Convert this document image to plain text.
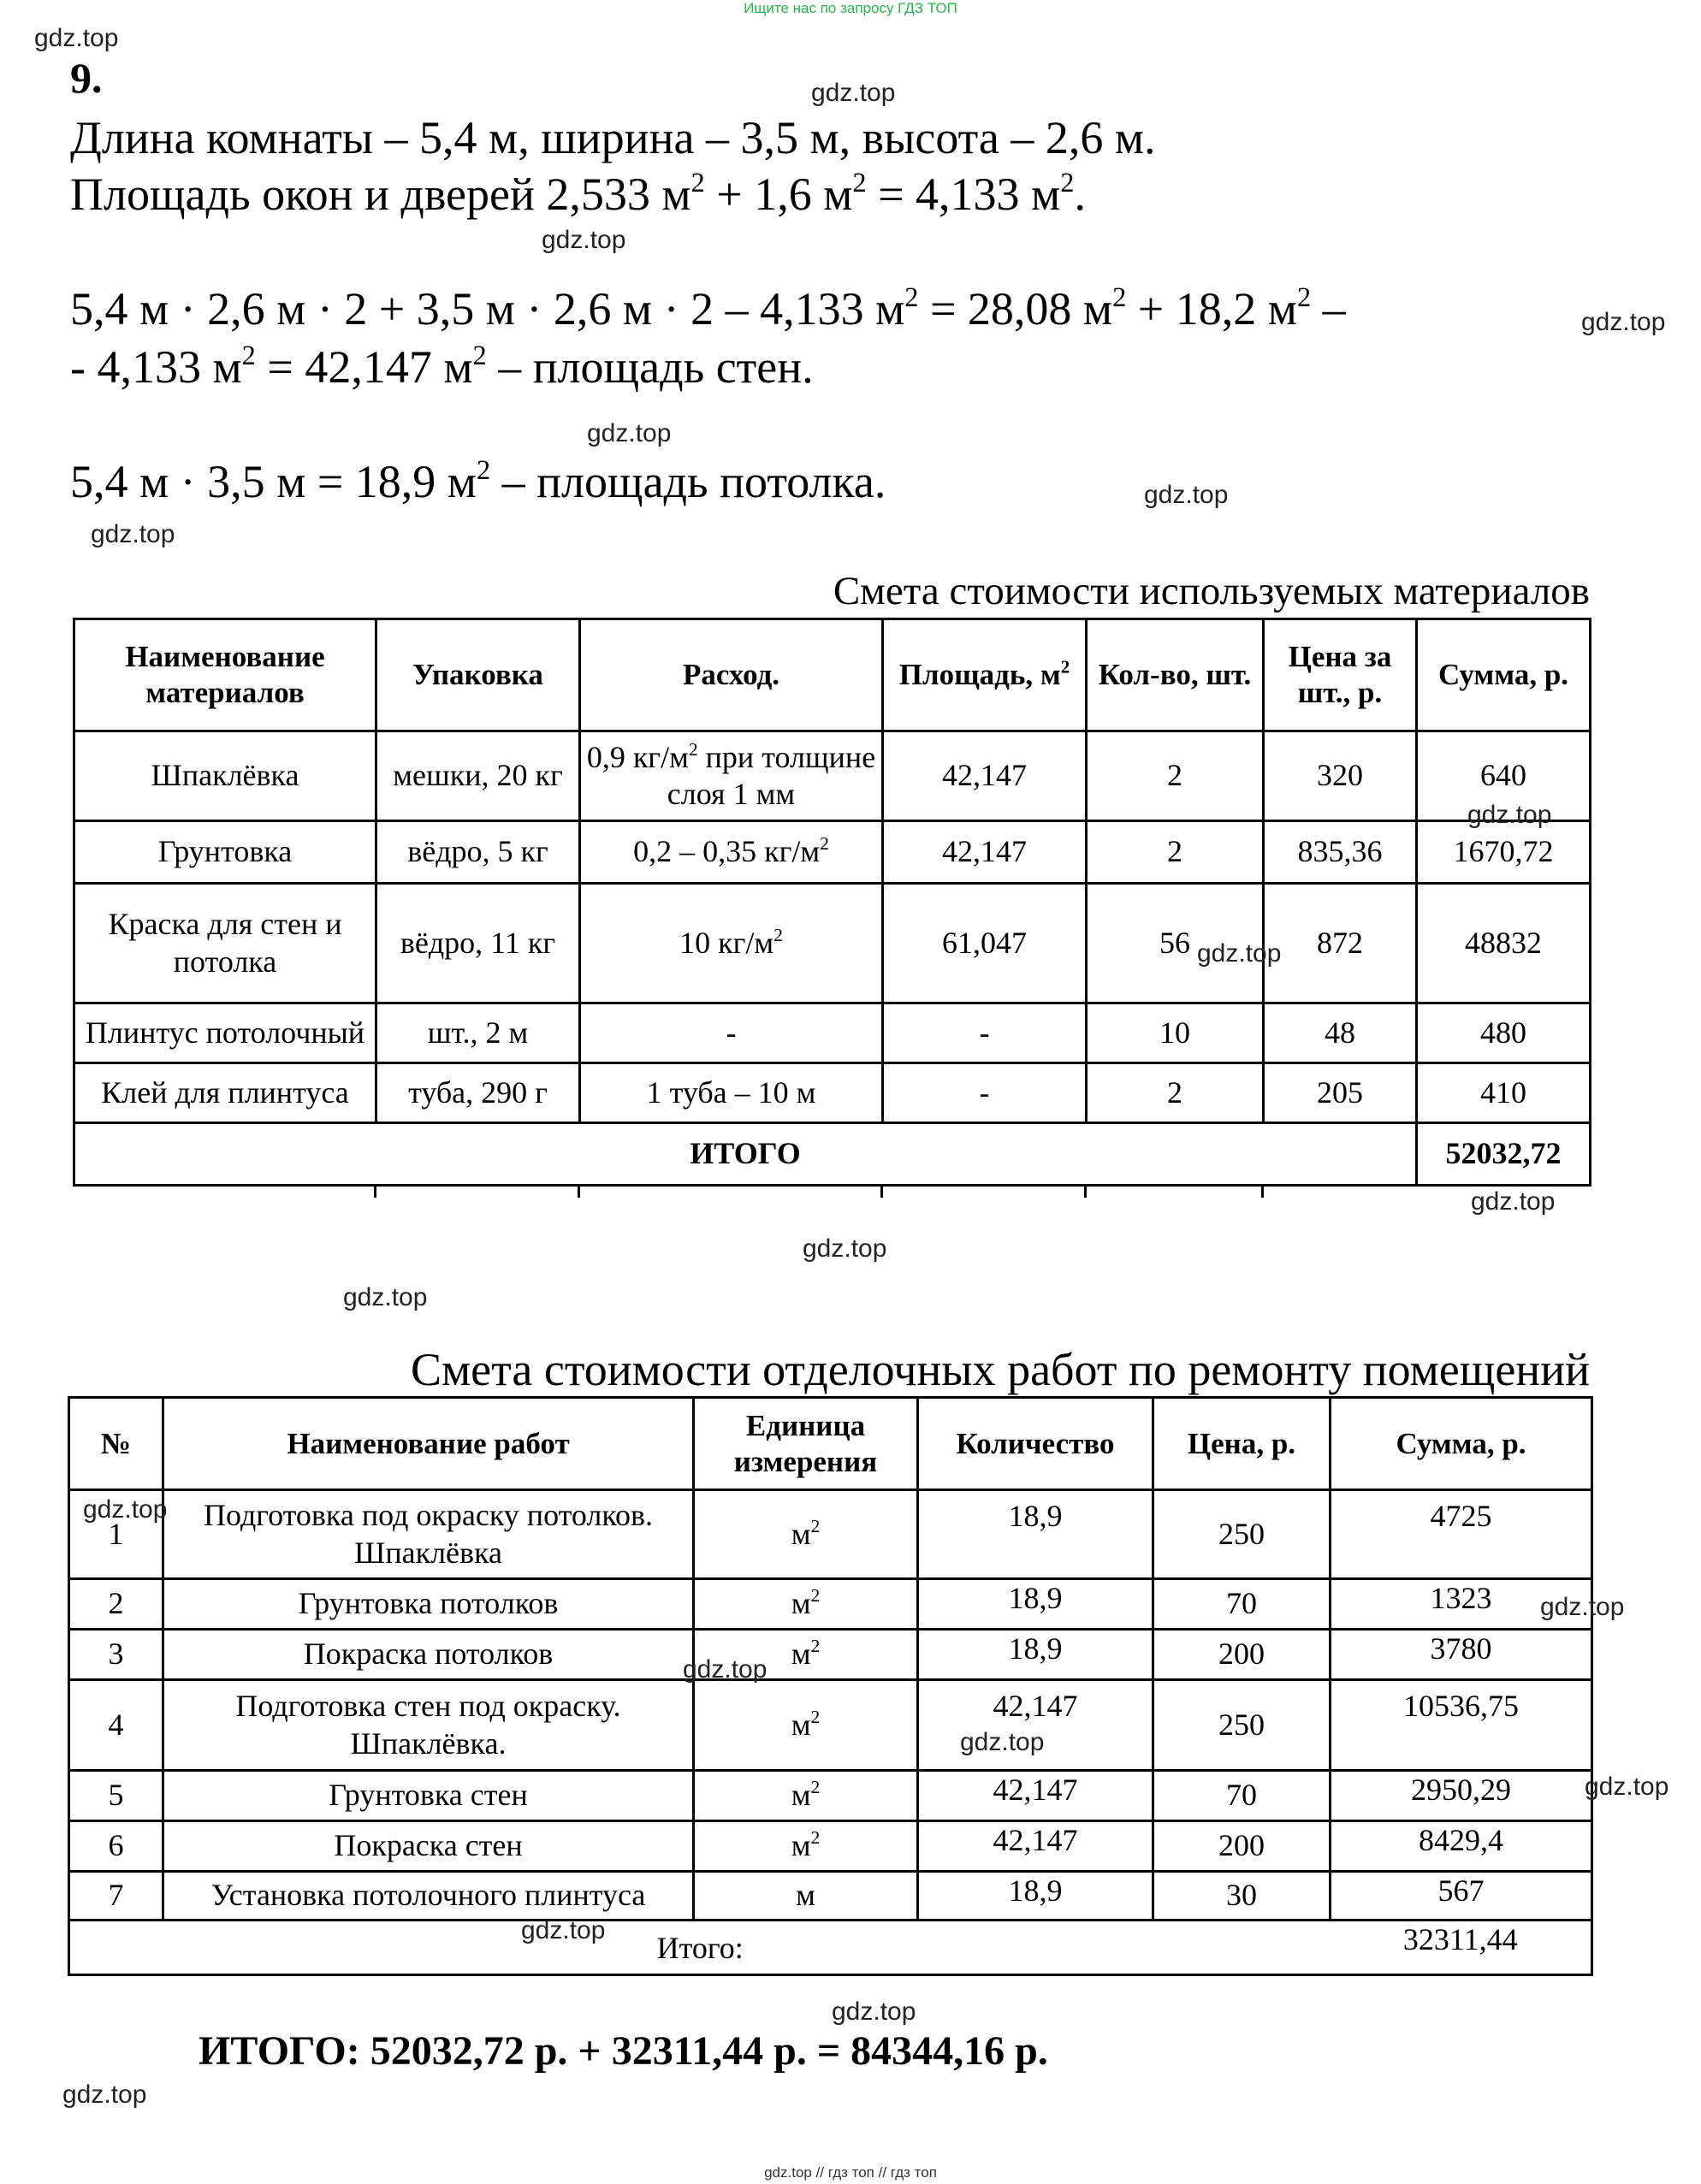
Ищите нас по запросу ГДЗ ТОП
9.
Длина комнаты – 5,4 м, ширина – 3,5 м, высота – 2,6 м.
Площадь окон и дверей 2,533 $м^2 + 1,6$ $м^2 = 4,133$ $м^2$.
5,4 м · 2,6 м · 2 + 3,5 м · 2,6 м · 2 – 4,133 $м^2 = 28,08$ $м^2 + 18,2$ $м^2$ –
- 4,133 $м^2 = 42,147$ $м^2$ – площадь стен.
5,4 м · 3,5 м = 18,9 $м^2$ – площадь потолка.
Смета стоимости используемых материалов
Наименование материалов	Упаковка	Расход.	Площадь, $м^2$	Кол-во, шт.	Цена за шт., р.	Сумма, р.
Шпаклёвка	мешки, 20 кг	0,9 $кг/м^2$ при толщине слоя 1 мм	42,147	2	320	640
Грунтовка	вёдро, 5 кг	0,2 – 0,35 $кг/м^2$	42,147	2	835,36	1670,72
Краска для стен и потолка	вёдро, 11 кг	10 $кг/м^2$	61,047	56	872	48832
Плинтус потолочный	шт., 2 м	-	-	10	48	480
Клей для плинтуса	туба, 290 г	1 туба – 10 м	-	2	205	410
ИТОГО						52032,72
Смета стоимости отделочных работ по ремонту помещений
№	Наименование работ	Единица измерения	Количество	Цена, р.	Сумма, р.
1	Подготовка под окраску потолков. Шпаклёвка	$м^2$	18,9	250	4725
2	Грунтовка потолков	$м^2$	18,9	70	1323
3	Покраска потолков	$м^2$	18,9	200	3780
4	Подготовка стен под окраску. Шпаклёвка.	$м^2$	42,147	250	10536,75
5	Грунтовка стен	$м^2$	42,147	70	2950,29
6	Покраска стен	$м^2$	42,147	200	8429,4
7	Установка потолочного плинтуса	м	18,9	30	567
Итого:					32311,44
ИТОГО: 52032,72 р. + 32311,44 р. = 84344,16 р.
gdz.top
gdz.top
gdz.top
gdz.top
gdz.top
gdz.top
gdz.top
gdz.top
gdz.top
gdz.top
gdz.top
gdz.top
gdz.top
gdz.top
gdz.top
gdz.top
gdz.top
gdz.top
gdz.top
gdz.top
gdz.top // гдз топ // гдз топ
